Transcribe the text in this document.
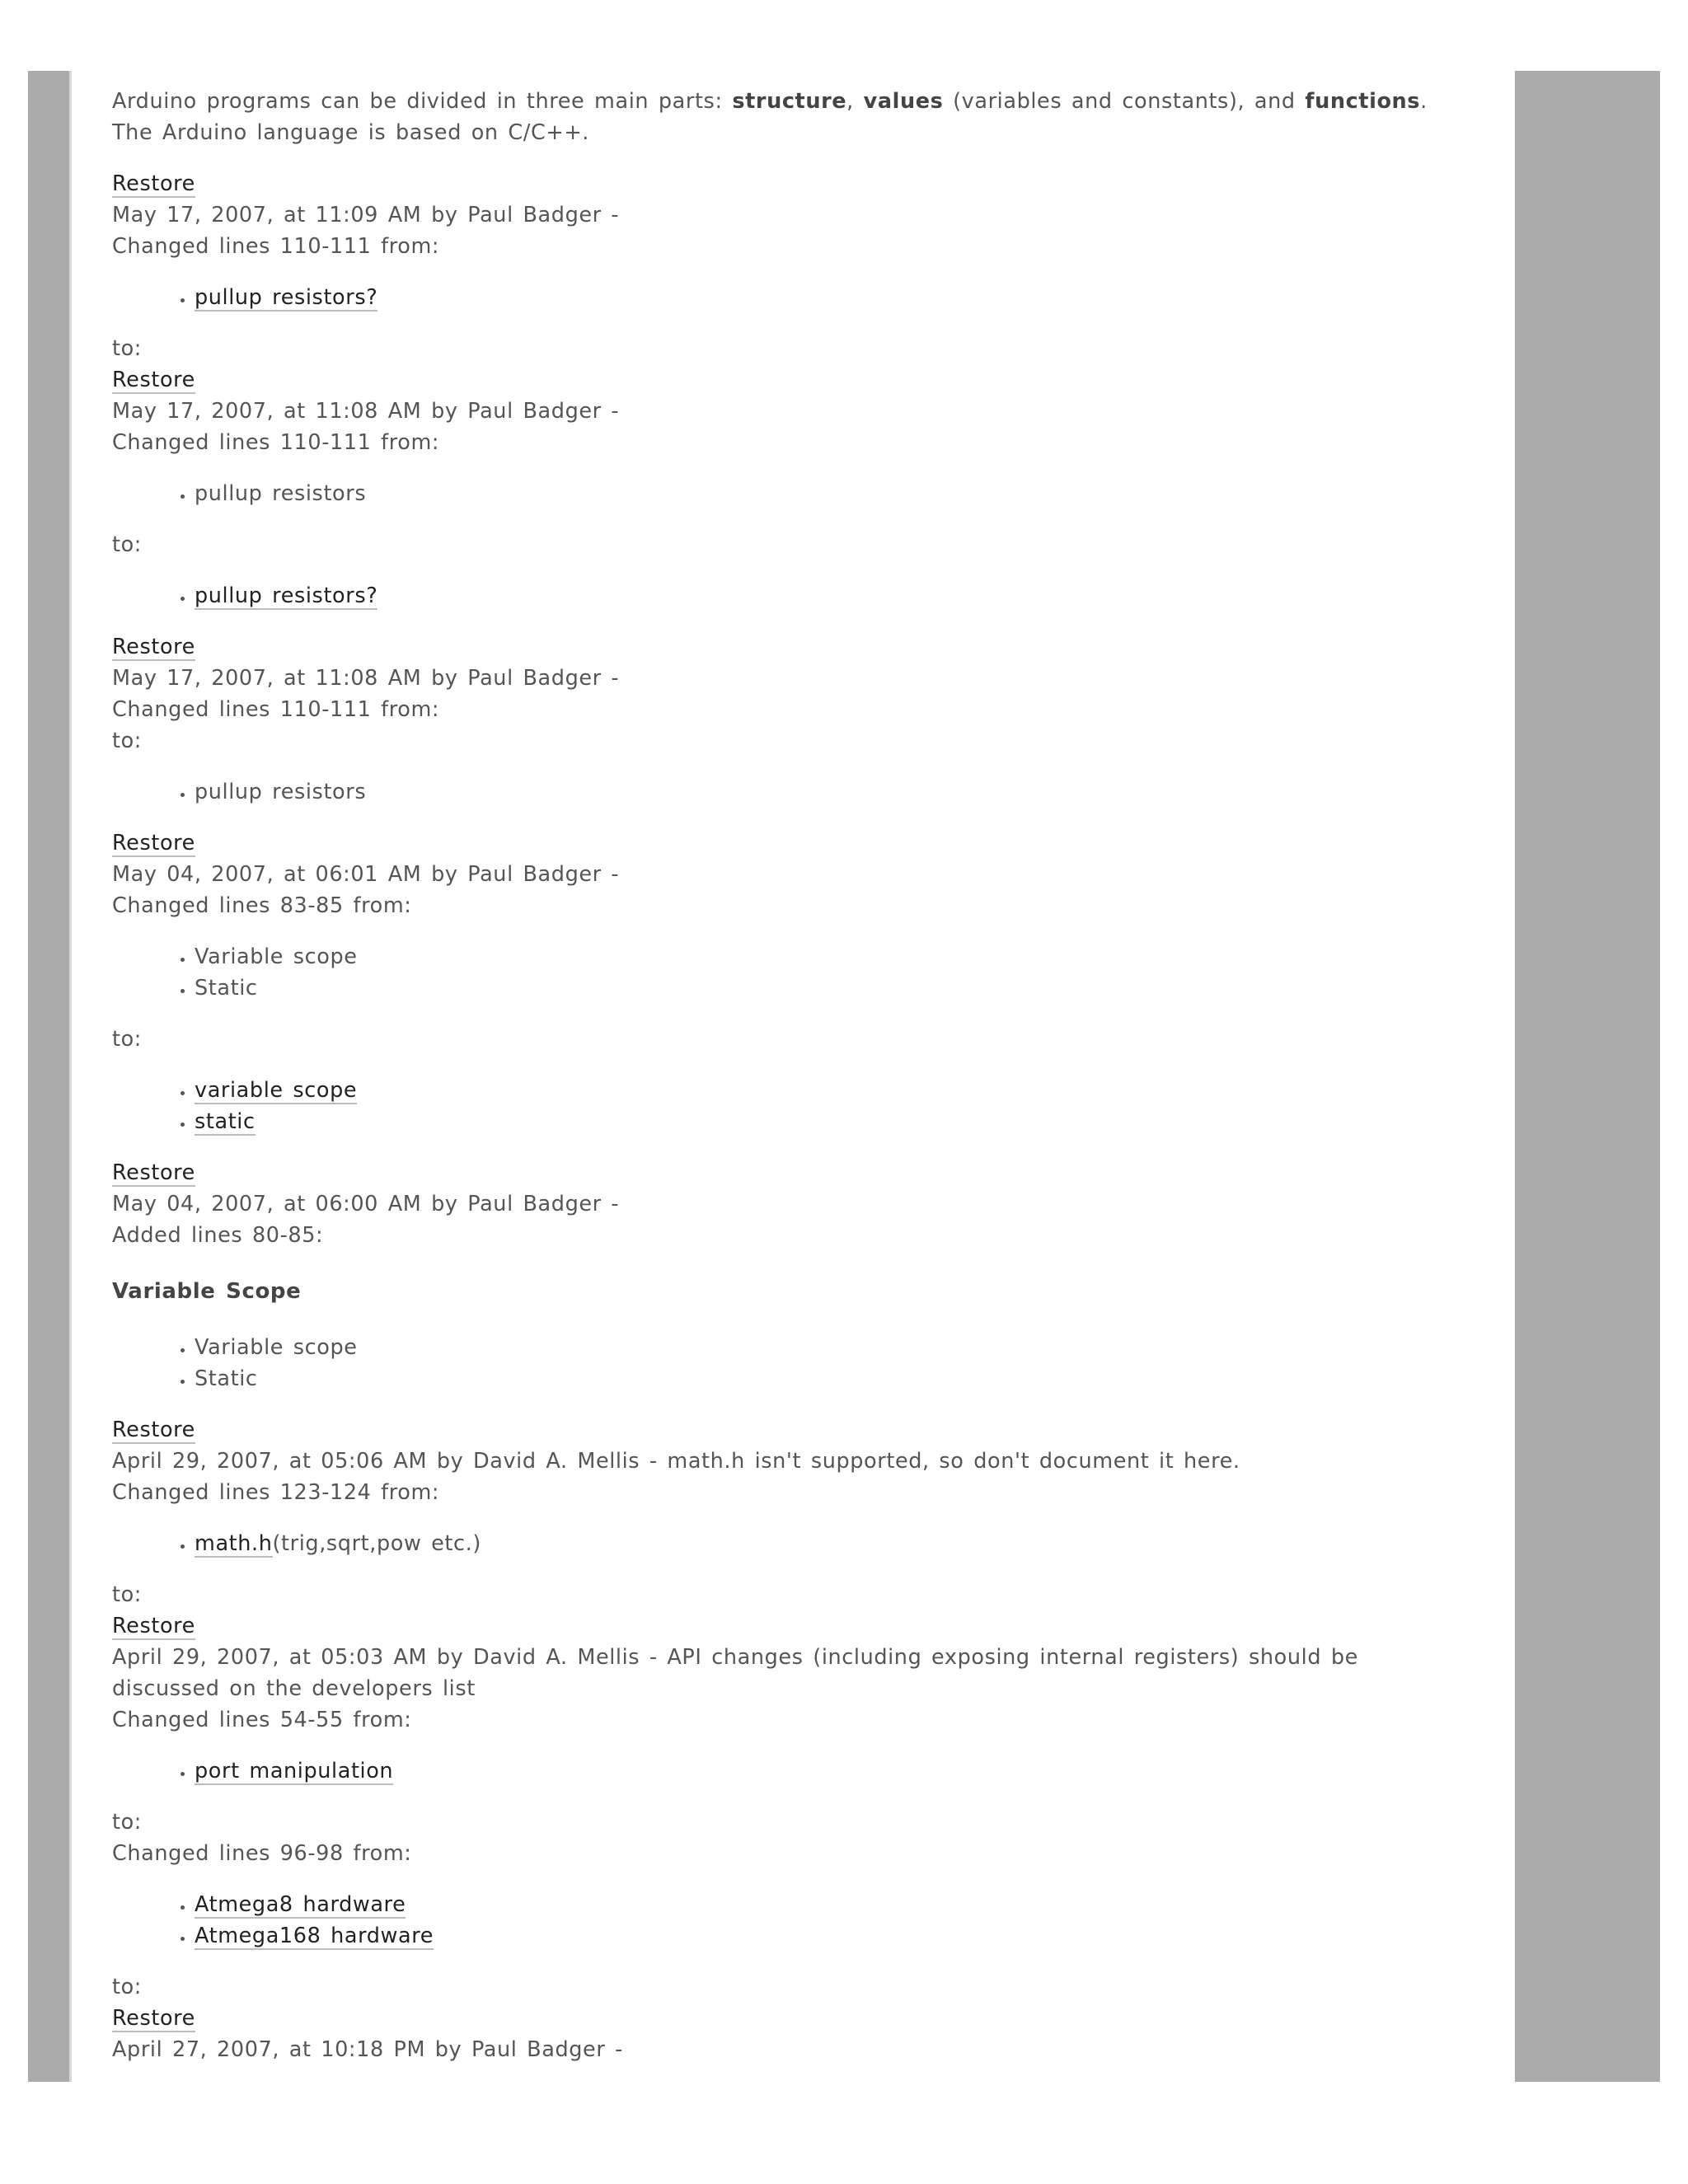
Arduino programs can be divided in three main parts: structure, values (variables and constants), and functions. The Arduino language is based on C/C++.

Restore

May 17, 2007, at 11:09 AM by Paul Badger -

Changed lines 110-111 from:

• pullup resistors?

to:

Restore

May 17, 2007, at 11:08 AM by Paul Badger -

Changed lines 110-111 from:

• pullup resistors

to:

• pullup resistors?

Restore

May 17, 2007, at 11:08 AM by Paul Badger -

Changed lines 110-111 from:

to:

• pullup resistors

Restore

May 04, 2007, at 06:01 AM by Paul Badger -

Changed lines 83-85 from:

• Variable scope
• Static

to:

• variable scope
• static

Restore

May 04, 2007, at 06:00 AM by Paul Badger -

Added lines 80-85:

Variable Scope

• Variable scope
• Static

Restore

April 29, 2007, at 05:06 AM by David A. Mellis - math.h isn't supported, so don't document it here.

Changed lines 123-124 from:

• math.h(trig,sqrt,pow etc.)

to:

Restore

April 29, 2007, at 05:03 AM by David A. Mellis - API changes (including exposing internal registers) should be discussed on the developers list

Changed lines 54-55 from:

• port manipulation

to:

Changed lines 96-98 from:

• Atmega8 hardware
• Atmega168 hardware

to:

Restore

April 27, 2007, at 10:18 PM by Paul Badger -
